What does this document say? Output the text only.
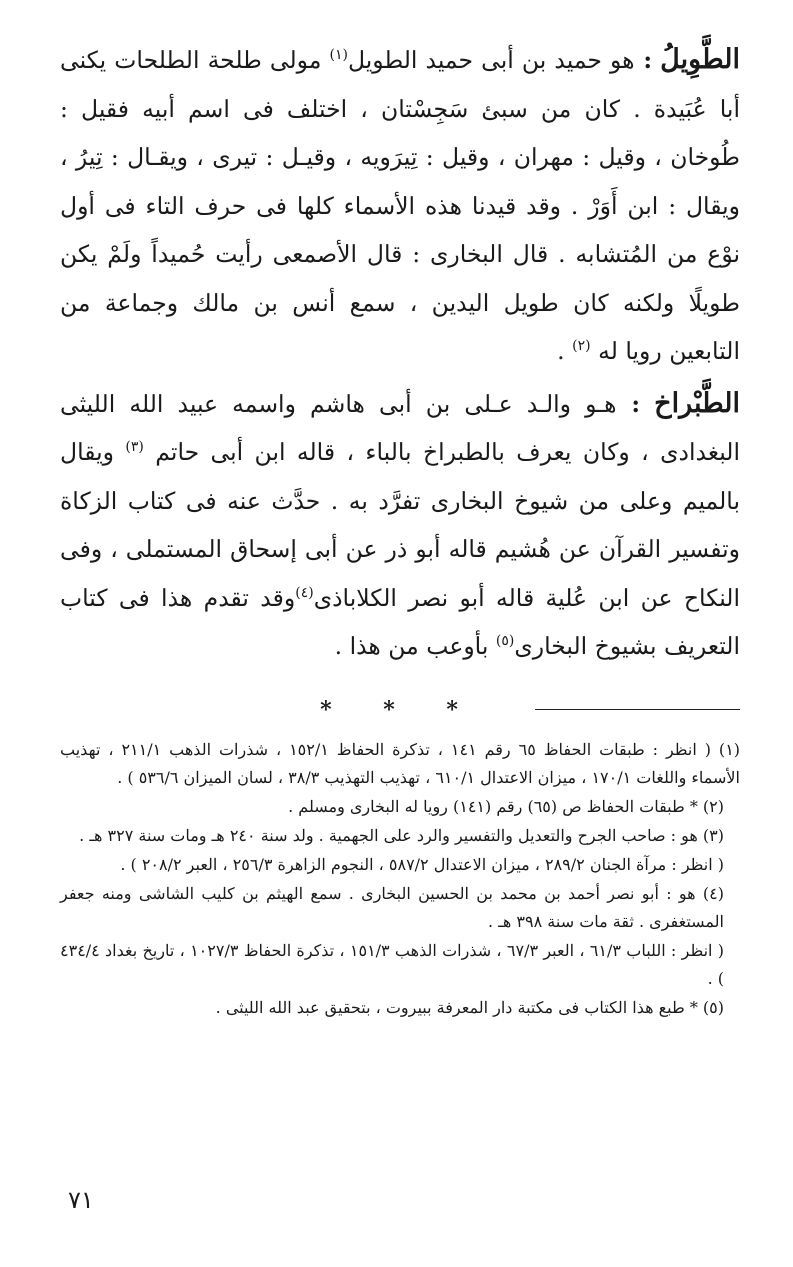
الطَّوِيلُ : هو حميد بن أبى حميد الطويل$^{(١)}$ مولى طلحة الطلحات يكنى أبا عُبَيدة . كان من سبئ سَجِسْتان ، اختلف فى اسم أبيه فقيل : طُوخان ، وقيل : مهران ، وقيل : تِيرَويه ، وقيـل : تيرى ، ويقـال : تِيرُ ، ويقال : ابن أَوَرْ . وقد قيدنا هذه الأسماء كلها فى حرف التاء فى أول نوْع من المُتشابه . قال البخارى : قال الأصمعى رأيت حُميداً ولَمْ يكن طويلًا ولكنه كان طويل اليدين ، سمع أنس بن مالك وجماعة من التابعين رويا له $^{(٢)}$ .

الطَّبْراخ : هـو والـد عـلى بن أبى هاشم واسمه عبيد الله الليثى البغدادى ، وكان يعرف بالطبراخ بالباء ، قاله ابن أبى حاتم $^{(٣)}$ ويقال بالميم وعلى من شيوخ البخارى تفرَّد به . حدَّث عنه فى كتاب الزكاة وتفسير القرآن عن هُشيم قاله أبو ذر عن أبى إسحاق المستملى ، وفى النكاح عن ابن عُلية قاله أبو نصر الكلاباذى$^{(٤)}$وقد تقدم هذا فى كتاب التعريف بشيوخ البخارى$^{(٥)}$ بأوعب من هذا .

* * *

(١) ( انظر : طبقات الحفاظ ٦٥ رقم ١٤١ ، تذكرة الحفاظ ١٥٢/١ ، شذرات الذهب ٢١١/١ ، تهذيب الأسماء واللغات ١٧٠/١ ، ميزان الاعتدال ٦١٠/١ ، تهذيب التهذيب ٣٨/٣ ، لسان الميزان ٥٣٦/٦ ) .

(٢) * طبقات الحفاظ ص (٦٥) رقم (١٤١) رويا له البخارى ومسلم .

(٣) هو : صاحب الجرح والتعديل والتفسير والرد على الجهمية . ولد سنة ٢٤٠ هـ ومات سنة ٣٢٧ هـ .

( انظر : مرآة الجنان ٢٨٩/٢ ، ميزان الاعتدال ٥٨٧/٢ ، النجوم الزاهرة ٢٥٦/٣ ، العبر ٢٠٨/٢ ) .

(٤) هو : أبو نصر أحمد بن محمد بن الحسين البخارى . سمع الهيثم بن كليب الشاشى ومنه جعفر المستغفرى . ثقة مات سنة ٣٩٨ هـ .

( انظر : اللباب ٦١/٣ ، العبر ٦٧/٣ ، شذرات الذهب ١٥١/٣ ، تذكرة الحفاظ ١٠٢٧/٣ ، تاريخ بغداد ٤٣٤/٤ ) .

(٥) * طبع هذا الكتاب فى مكتبة دار المعرفة ببيروت ، بتحقيق عبد الله الليثى .

٧١
